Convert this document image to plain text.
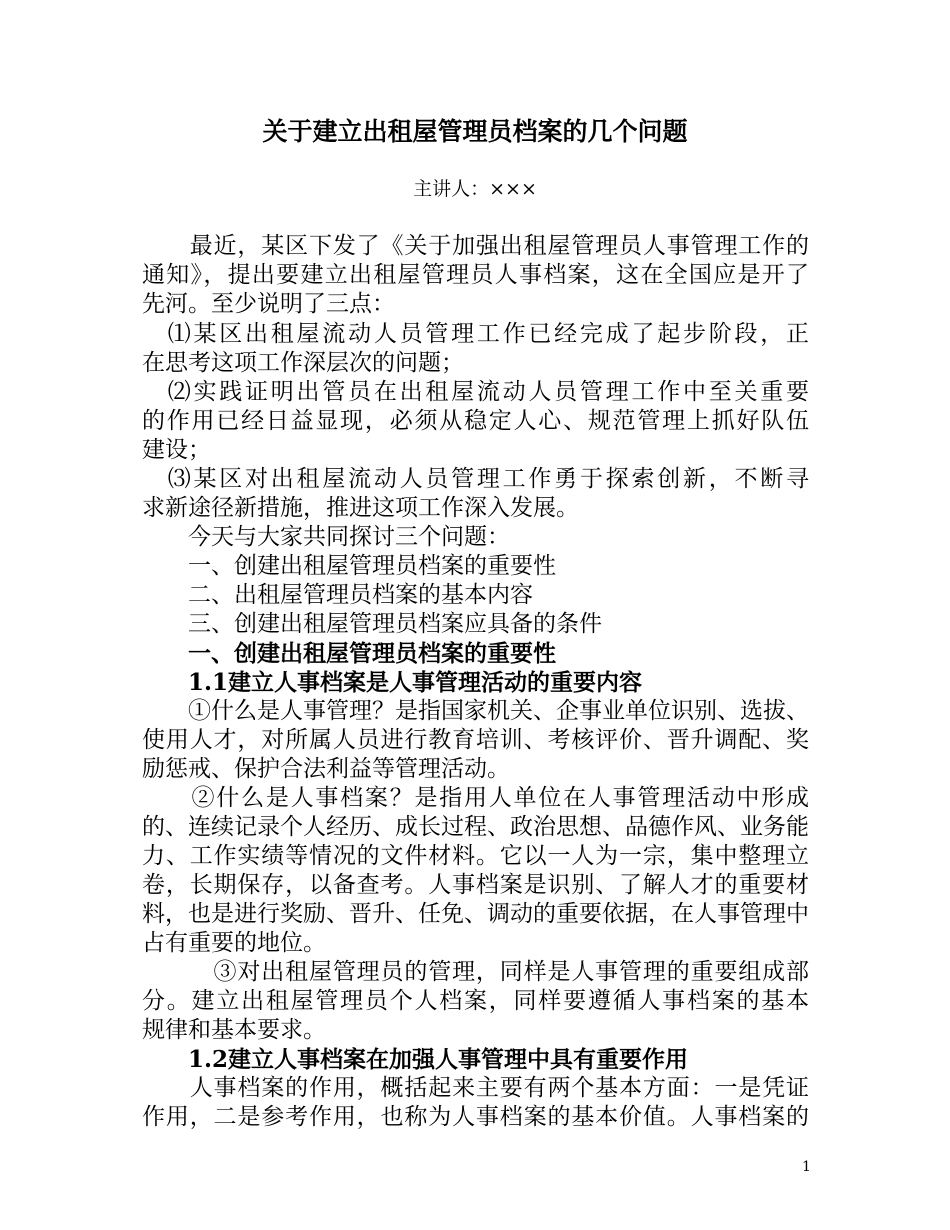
关于建立出租屋管理员档案的几个问题
主讲人：×××
　　最近，某区下发了《关于加强出租屋管理员人事管理工作的
通知》，提出要建立出租屋管理员人事档案，这在全国应是开了
先河。至少说明了三点：
　⑴某区出租屋流动人员管理工作已经完成了起步阶段，正
在思考这项工作深层次的问题；
　⑵实践证明出管员在出租屋流动人员管理工作中至关重要
的作用已经日益显现，必须从稳定人心、规范管理上抓好队伍
建设；
　⑶某区对出租屋流动人员管理工作勇于探索创新，不断寻
求新途径新措施，推进这项工作深入发展。
　　今天与大家共同探讨三个问题：
　　一、创建出租屋管理员档案的重要性
　　二、出租屋管理员档案的基本内容
　　三、创建出租屋管理员档案应具备的条件
　　一、创建出租屋管理员档案的重要性
　　1.1建立人事档案是人事管理活动的重要内容
　　①什么是人事管理？是指国家机关、企事业单位识别、选拔、
使用人才，对所属人员进行教育培训、考核评价、晋升调配、奖
励惩戒、保护合法利益等管理活动。
　　②什么是人事档案？是指用人单位在人事管理活动中形成
的、连续记录个人经历、成长过程、政治思想、品德作风、业务能
力、工作实绩等情况的文件材料。它以一人为一宗，集中整理立
卷，长期保存，以备查考。人事档案是识别、了解人才的重要材
料，也是进行奖励、晋升、任免、调动的重要依据，在人事管理中
占有重要的地位。
　　　③对出租屋管理员的管理，同样是人事管理的重要组成部
分。建立出租屋管理员个人档案，同样要遵循人事档案的基本
规律和基本要求。
　　1.2建立人事档案在加强人事管理中具有重要作用
　　人事档案的作用，概括起来主要有两个基本方面：一是凭证
作用，二是参考作用，也称为人事档案的基本价值。人事档案的
1
